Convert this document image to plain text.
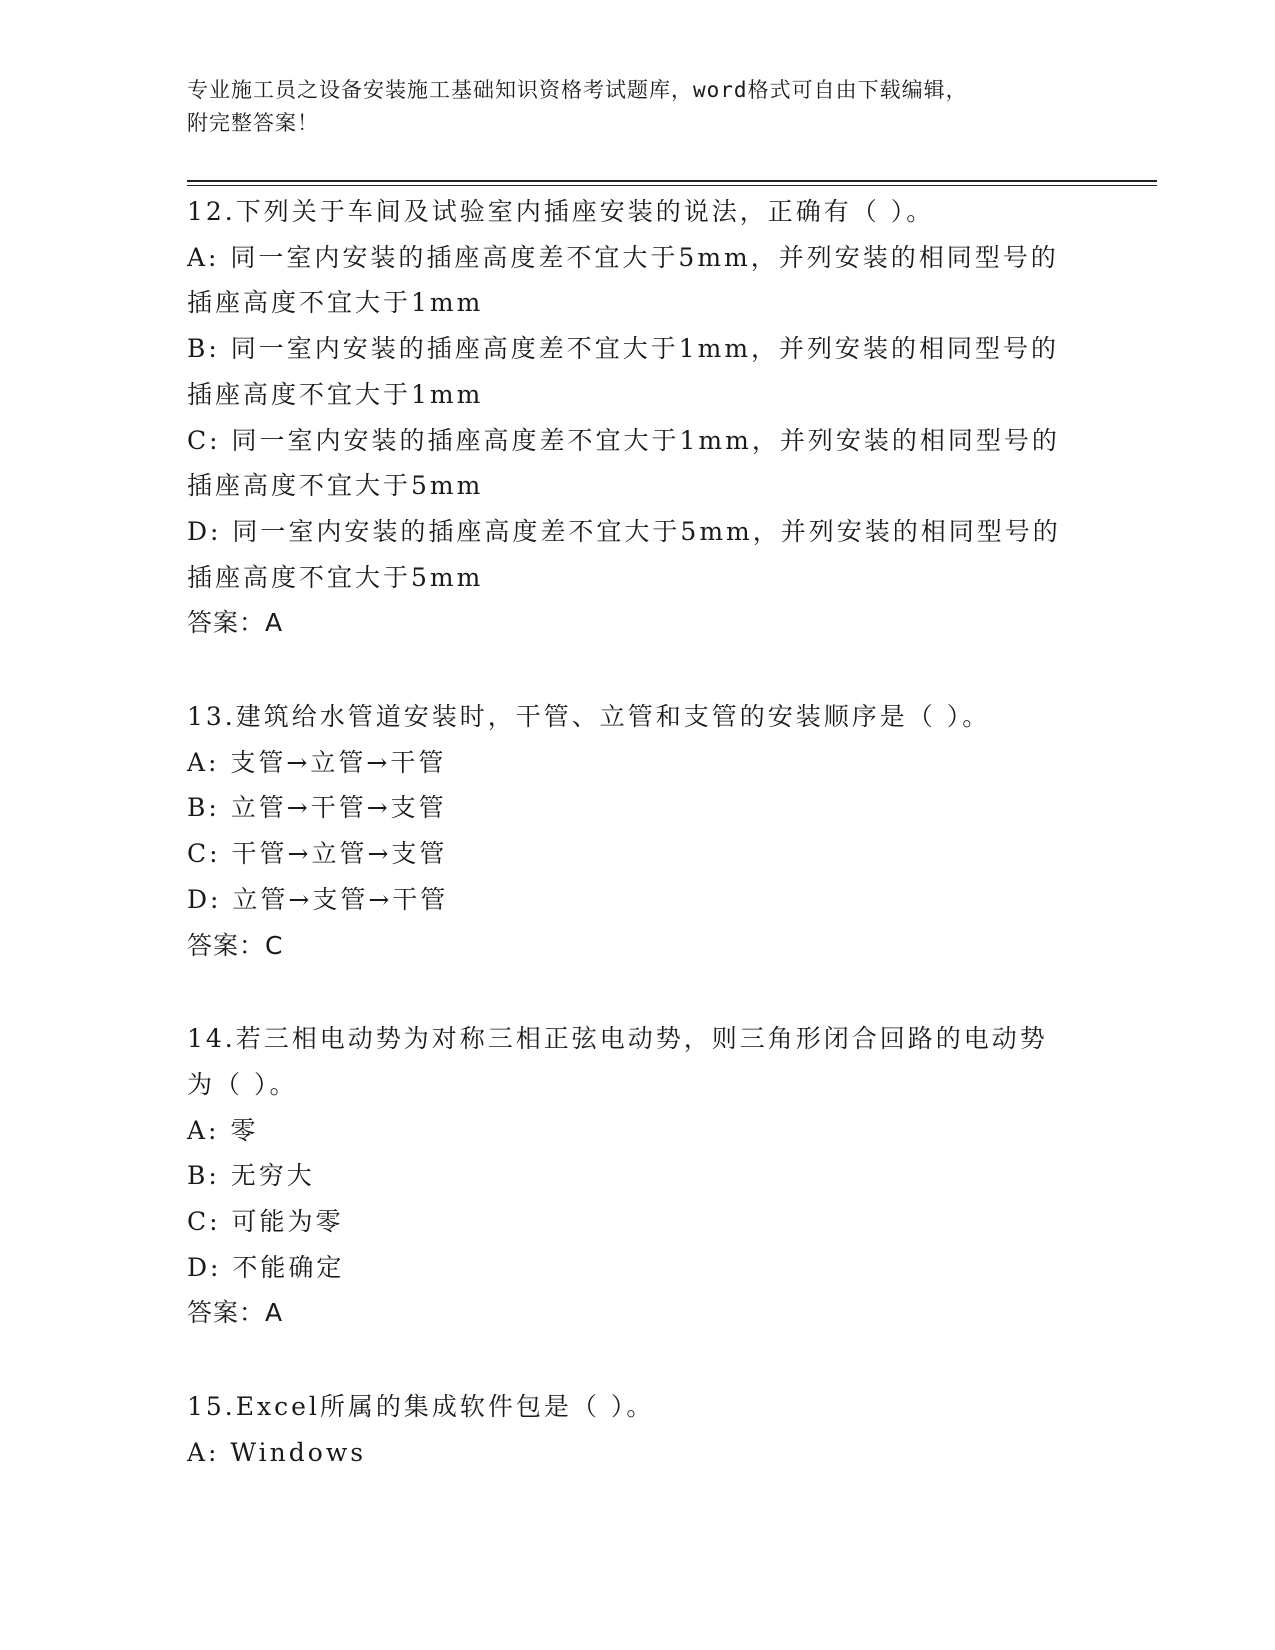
专业施工员之设备安装施工基础知识资格考试题库，word格式可自由下载编辑，
附完整答案！
12.下列关于车间及试验室内插座安装的说法，正确有（ ）。
A: 同一室内安装的插座高度差不宜大于5mm，并列安装的相同型号的
插座高度不宜大于1mm
B: 同一室内安装的插座高度差不宜大于1mm，并列安装的相同型号的
插座高度不宜大于1mm
C: 同一室内安装的插座高度差不宜大于1mm，并列安装的相同型号的
插座高度不宜大于5mm
D: 同一室内安装的插座高度差不宜大于5mm，并列安装的相同型号的
插座高度不宜大于5mm
答案：A
13.建筑给水管道安装时，干管、立管和支管的安装顺序是（ ）。
A: 支管→立管→干管
B: 立管→干管→支管
C: 干管→立管→支管
D: 立管→支管→干管
答案：C
14.若三相电动势为对称三相正弦电动势，则三角形闭合回路的电动势
为（ ）。
A: 零
B: 无穷大
C: 可能为零
D: 不能确定
答案：A
15.Excel所属的集成软件包是（ ）。
A: Windows
